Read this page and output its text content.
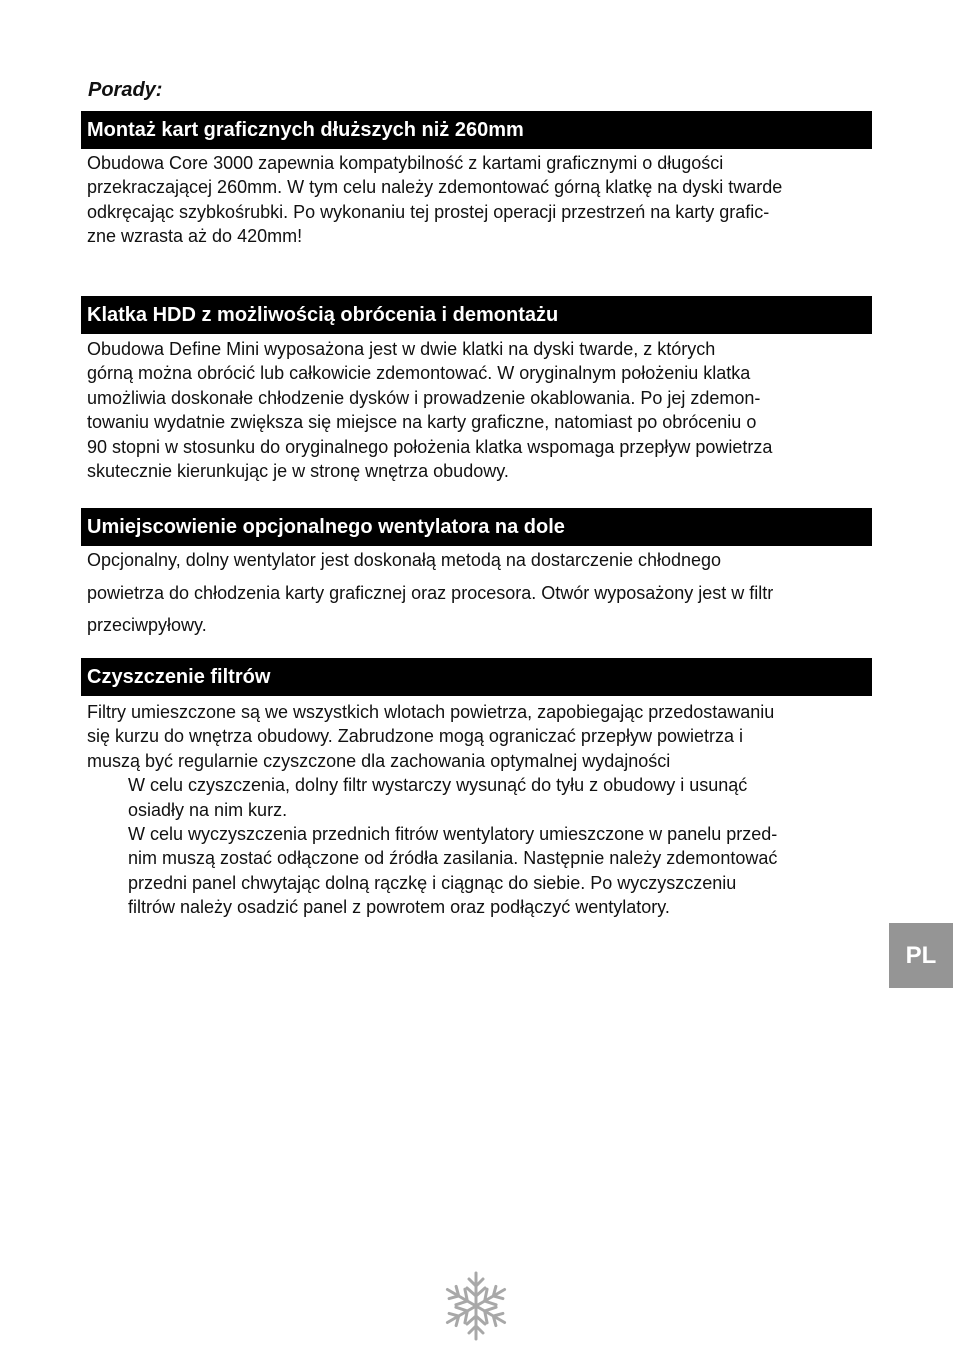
Porady:
Montaż kart graficznych dłuższych niż 260mm
Obudowa Core 3000 zapewnia kompatybilność z kartami graficznymi o długości
przekraczającej 260mm. W tym celu należy zdemontować górną klatkę na dyski twarde
odkręcając szybkośrubki. Po wykonaniu tej prostej operacji przestrzeń na karty grafic-
zne wzrasta aż do 420mm!
Klatka HDD z możliwością obrócenia i demontażu
Obudowa Define Mini wyposażona jest w dwie klatki na dyski twarde, z których
górną można obrócić lub całkowicie zdemontować. W oryginalnym położeniu klatka
umożliwia doskonałe chłodzenie dysków i prowadzenie okablowania. Po jej zdemon-
towaniu wydatnie zwiększa się miejsce na karty graficzne, natomiast po obróceniu o
90 stopni w stosunku do oryginalnego położenia klatka wspomaga przepływ powietrza
skutecznie kierunkując je w stronę wnętrza obudowy.
Umiejscowienie opcjonalnego wentylatora na dole
Opcjonalny, dolny wentylator jest doskonałą metodą na dostarczenie chłodnego
powietrza do chłodzenia karty graficznej oraz procesora. Otwór wyposażony jest w filtr
przeciwpyłowy.
Czyszczenie filtrów
Filtry umieszczone są we wszystkich wlotach powietrza, zapobiegając przedostawaniu
się kurzu do wnętrza obudowy. Zabrudzone mogą ograniczać przepływ powietrza i
muszą być regularnie czyszczone dla zachowania optymalnej wydajności
W celu czyszczenia, dolny filtr wystarczy wysunąć do tyłu z obudowy i usunąć
osiadły na nim kurz.
W celu wyczyszczenia przednich fitrów wentylatory umieszczone w panelu przed-
nim muszą zostać odłączone od źródła zasilania. Następnie należy zdemontować
przedni panel chwytając dolną rączkę i ciągnąc do siebie. Po wyczyszczeniu
filtrów należy osadzić panel z powrotem oraz podłączyć wentylatory.
PL
